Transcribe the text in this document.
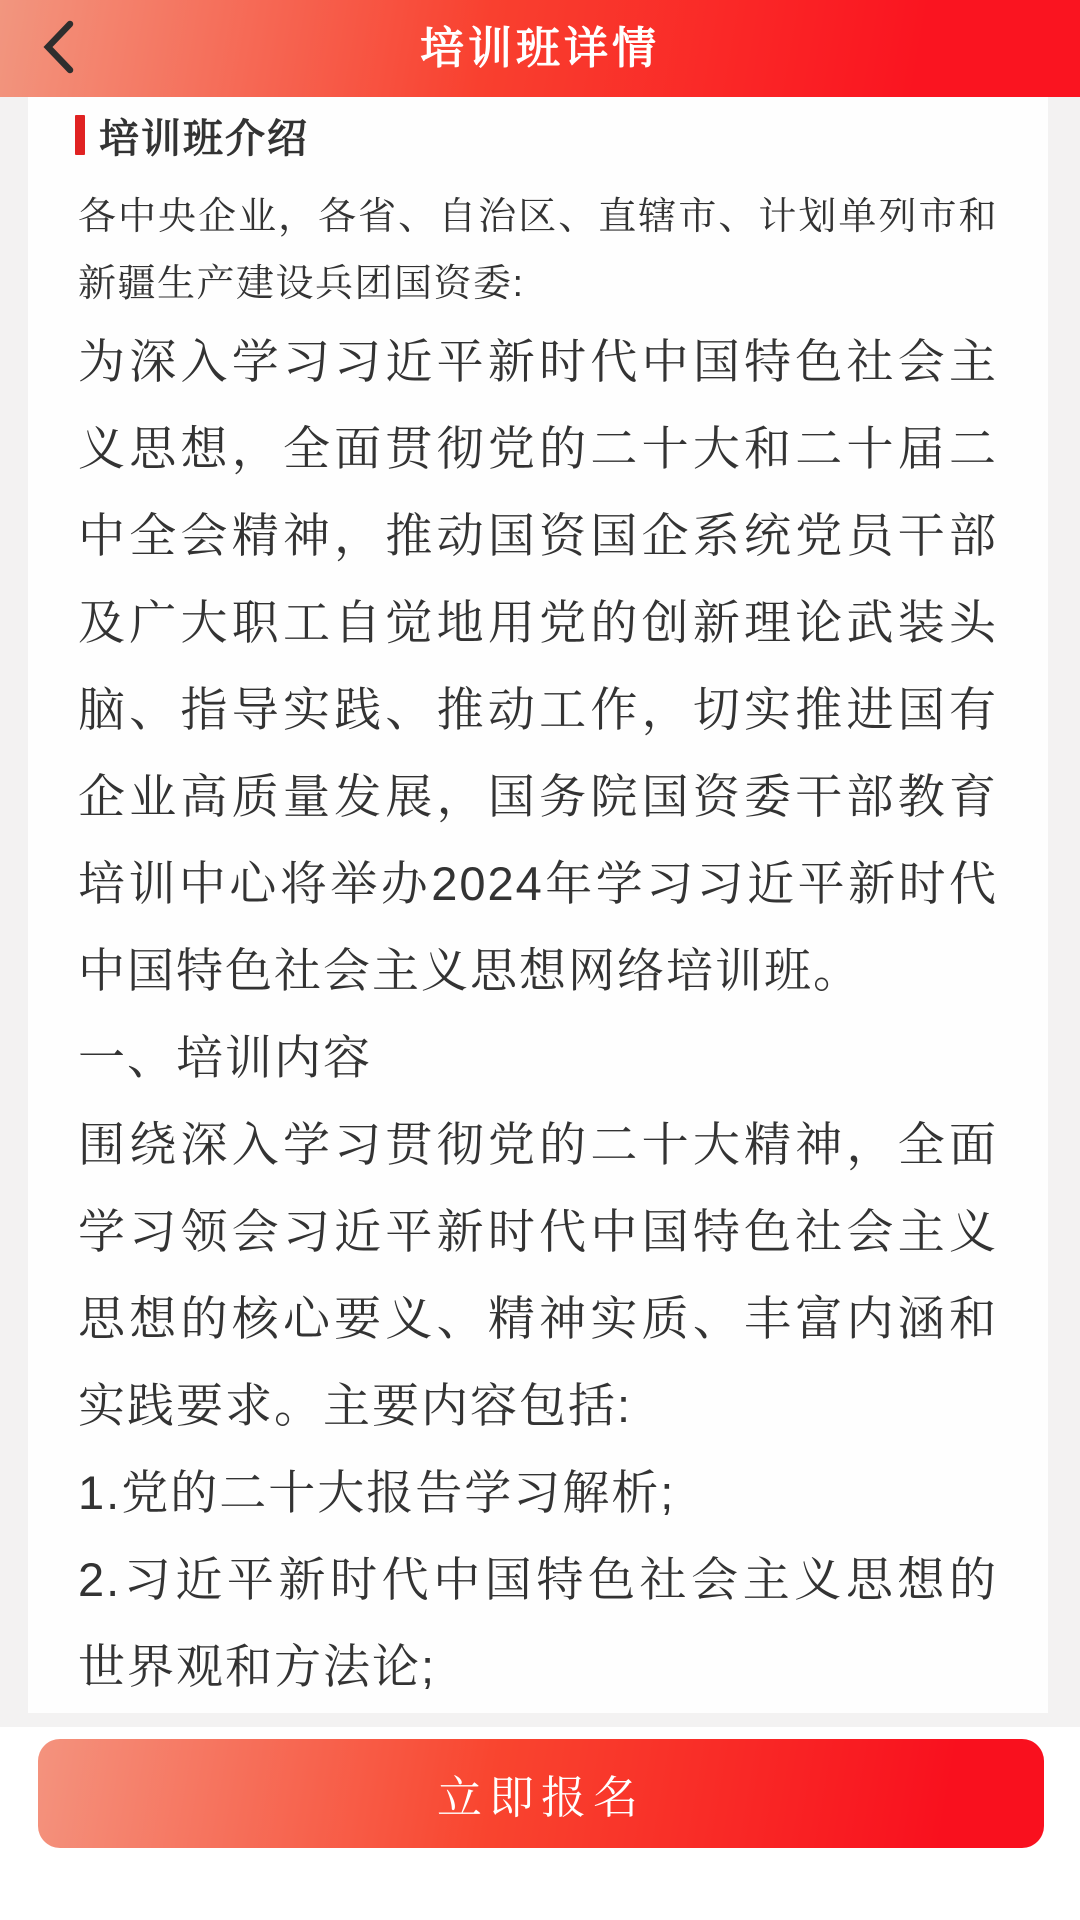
培训班详情
培训班介绍

各中央企业，各省、自治区、直辖市、计划单列市和新疆生产建设兵团国资委:

为深入学习习近平新时代中国特色社会主义思想，全面贯彻党的二十大和二十届二中全会精神，推动国资国企系统党员干部及广大职工自觉地用党的创新理论武装头脑、指导实践、推动工作，切实推进国有企业高质量发展，国务院国资委干部教育培训中心将举办2024年学习习近平新时代中国特色社会主义思想网络培训班。

一、培训内容

围绕深入学习贯彻党的二十大精神，全面学习领会习近平新时代中国特色社会主义思想的核心要义、精神实质、丰富内涵和实践要求。主要内容包括:

1.党的二十大报告学习解析;

2.习近平新时代中国特色社会主义思想的世界观和方法论;

立即报名
